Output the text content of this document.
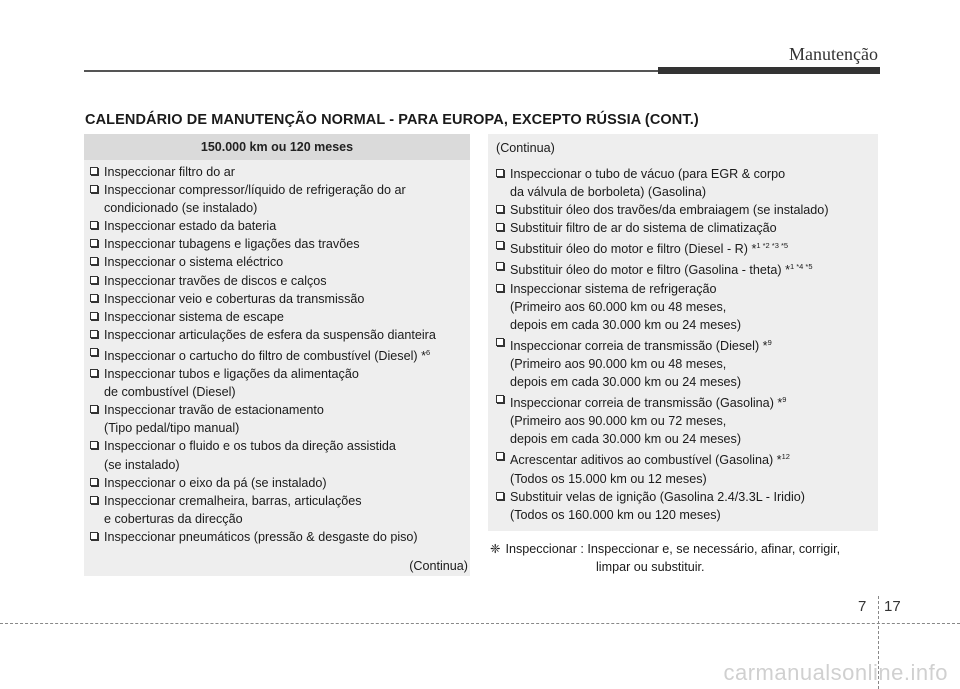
Manutenção
CALENDÁRIO DE MANUTENÇÃO NORMAL - PARA EUROPA, EXCEPTO RÚSSIA (CONT.)
150.000 km ou 120 meses
Inspeccionar filtro do ar
Inspeccionar compressor/líquido de refrigeração do ar
condicionado (se instalado)
Inspeccionar estado da bateria
Inspeccionar tubagens e ligações das travões
Inspeccionar o sistema eléctrico
Inspeccionar travões de discos e calços
Inspeccionar veio e coberturas da transmissão
Inspeccionar sistema de escape
Inspeccionar articulações de esfera da suspensão dianteira
Inspeccionar o cartucho do filtro de combustível (Diesel) *$^6$
Inspeccionar tubos e ligações da alimentação
de combustível (Diesel)
Inspeccionar travão de estacionamento
(Tipo pedal/tipo manual)
Inspeccionar o fluido e os tubos da direção assistida
(se instalado)
Inspeccionar o eixo da pá (se instalado)
Inspeccionar cremalheira, barras, articulações
e coberturas da direcção
Inspeccionar pneumáticos (pressão & desgaste do piso)
(Continua)
(Continua)
Inspeccionar o tubo de vácuo (para EGR & corpo
da válvula de borboleta) (Gasolina)
Substituir óleo dos travões/da embraiagem (se instalado)
Substituir filtro de ar do sistema de climatização
Substituir óleo do motor e filtro (Diesel - R) *$^{1 *2 *3 *5}$
Substituir óleo do motor e filtro (Gasolina - theta) *$^{1 *4 *5}$
Inspeccionar sistema de refrigeração
(Primeiro aos 60.000 km ou 48 meses,
depois em cada 30.000 km ou 24 meses)
Inspeccionar correia de transmissão (Diesel) *$^9$
(Primeiro aos 90.000 km ou 48 meses,
depois em cada 30.000 km ou 24 meses)
Inspeccionar correia de transmissão (Gasolina) *$^9$
(Primeiro aos 90.000 km ou 72 meses,
depois em cada 30.000 km ou 24 meses)
Acrescentar aditivos ao combustível (Gasolina) *$^{12}$
(Todos os 15.000 km ou 12 meses)
Substituir velas de ignição (Gasolina 2.4/3.3L - Iridio)
(Todos os 160.000 km ou 120 meses)
❈ Inspeccionar : Inspeccionar e, se necessário, afinar, corrigir,
limpar ou substituir.
7 17
carmanualsonline.info
